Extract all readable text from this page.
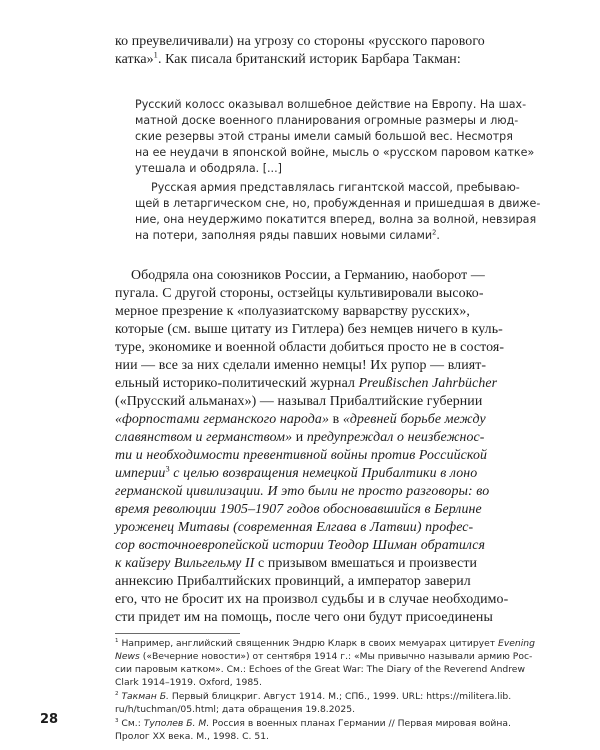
ко преувеличивали) на угрозу со стороны «русского парового
катка»$^1$. Как писала британский историк Барбара Такман:
Русский колосс оказывал волшебное действие на Европу. На шах-
матной доске военного планирования огромные размеры и люд-
ские резервы этой страны имели самый большой вес. Несмотря
на ее неудачи в японской войне, мысль о «русском паровом катке»
утешала и ободряла. [...]
Русская армия представлялась гигантской массой, пребываю-
щей в летаргическом сне, но, пробужденная и пришедшая в движе-
ние, она неудержимо покатится вперед, волна за волной, невзирая
на потери, заполняя ряды павших новыми силами$^2$.
Ободряла она союзников России, а Германию, наоборот —
пугала. С другой стороны, остзейцы культивировали высоко-
мерное презрение к «полуазиатскому варварству русских»,
которые (см. выше цитату из Гитлера) без немцев ничего в куль-
туре, экономике и военной области добиться просто не в состоя-
нии — все за них сделали именно немцы! Их рупор — влият-
ельный историко-политический журнал Preußischen Jahrbücher
(«Прусский альманах») — называл Прибалтийские губернии
«форпостами германского народа» в «древней борьбе между
славянством и германством» и предупреждал о неизбежнос-
ти и необходимости превентивной войны против Российской
империи$^3$ с целью возвращения немецкой Прибалтики в лоно
германской цивилизации. И это были не просто разговоры: во
время революции 1905–1907 годов обосновавшийся в Берлине
уроженец Митавы (современная Елгава в Латвии) профес-
сор восточноевропейской истории Теодор Шиман обратился
к кайзеру Вильгельму II с призывом вмешаться и произвести
аннексию Прибалтийских провинций, а император заверил
его, что не бросит их на произвол судьбы и в случае необходимо-
сти придет им на помощь, после чего они будут присоединены
$^1$ Например, английский священник Эндрю Кларк в своих мемуарах цитирует Evening
News («Вечерние новости») от сентября 1914 г.: «Мы привычно называли армию Рос-
сии паровым катком». См.: Echoes of the Great War: The Diary of the Reverend Andrew
Clark 1914–1919. Oxford, 1985.
$^2$ Такман Б. Первый блицкриг. Август 1914. М.; СПб., 1999. URL: https://militera.lib.
ru/h/tuchman/05.html; дата обращения 19.8.2025.
$^3$ См.: Туполев Б. М. Россия в военных планах Германии // Первая мировая война.
Пролог XX века. М., 1998. С. 51.
28
